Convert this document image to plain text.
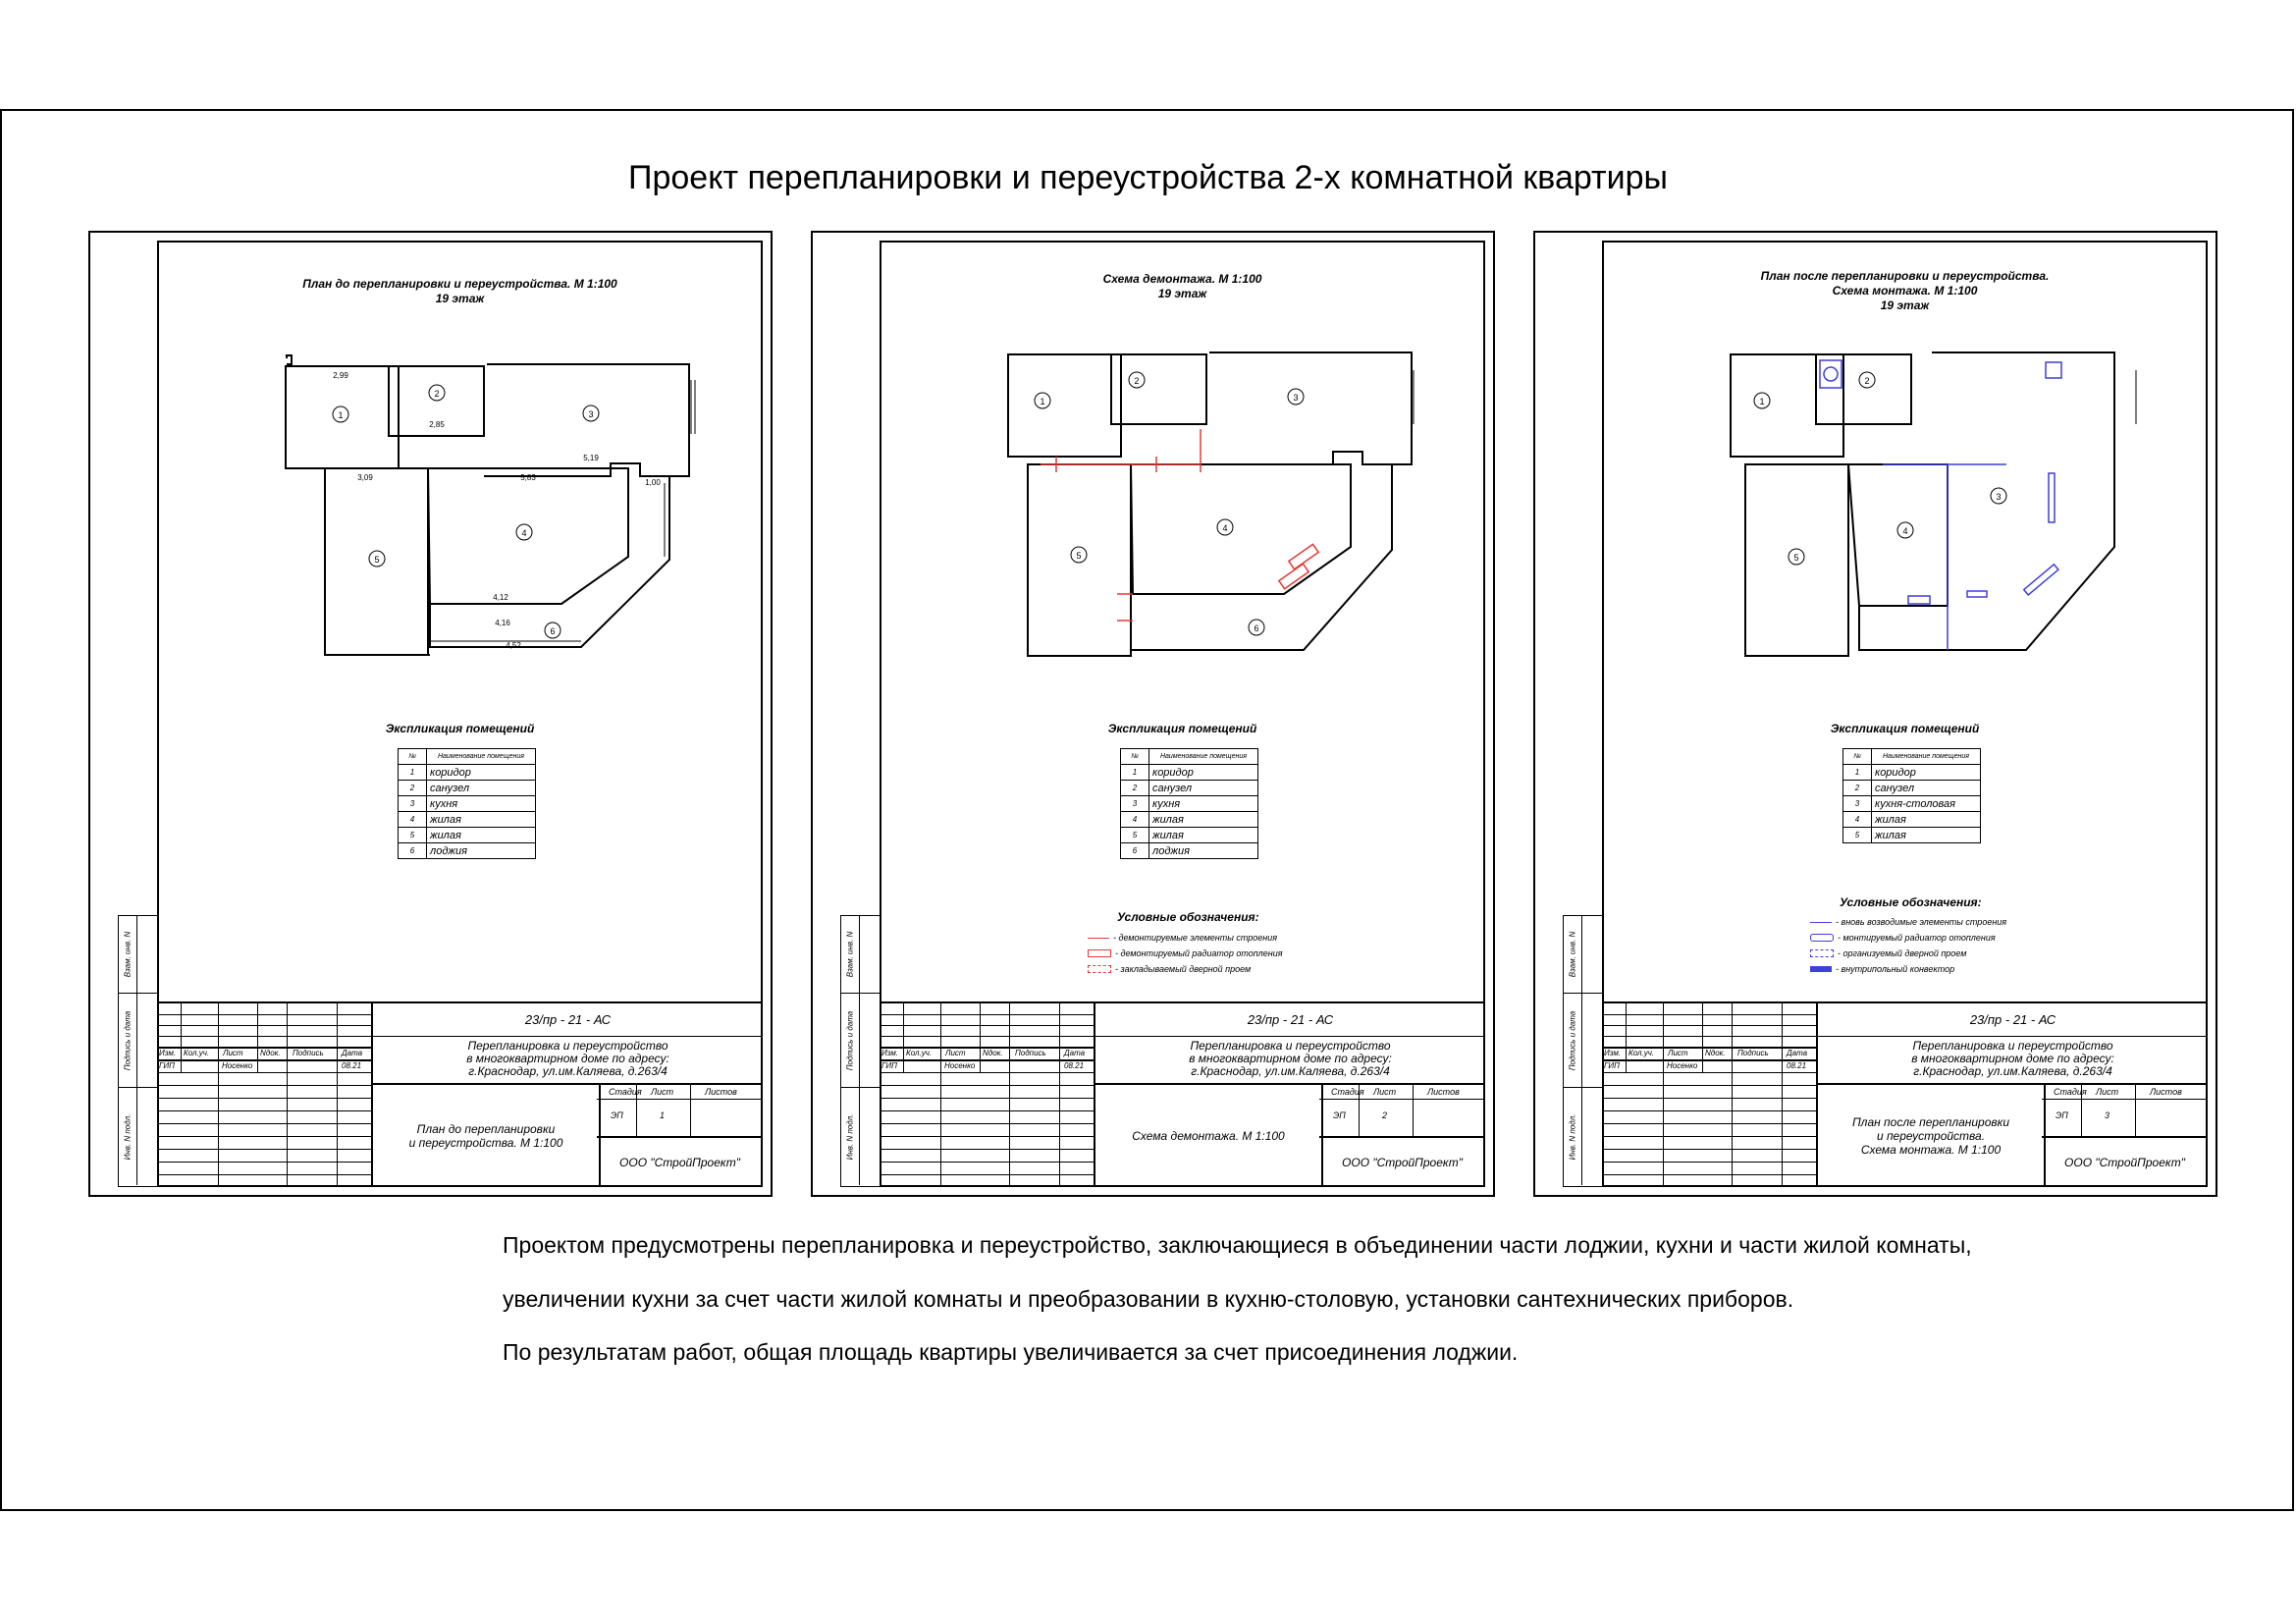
Проект перепланировки и переустройства 2-х комнатной квартиры
Проектом предусмотрены перепланировка и переустройство, заключающиеся в объединении части лоджии, кухни и части жилой комнаты,
увеличении кухни за счет части жилой комнаты и преобразовании в кухню-столовую, установки сантехнических приборов.
По результатам работ, общая площадь квартиры увеличивается за счет присоединения лоджии.
План до перепланировки и переустройства. М 1:100
19 этаж
1
2
3
4
5
6
2,99
2,85
5,19
3,09	5,83
1,00
4,12
4,16
4,52
Экспликация помещений
№	Наименование помещения
1	коридор
2	санузел
3	кухня
4	жилая
5	жилая
6	лоджия
Взам. инв. N
Подпись и дата
Инв. N подл.
Изм. Кол.уч. Лист Nдок. Подпись Дата
ГИП	Носенко	08.21
23/пр - 21 - АС
Перепланировка и переустройство
в многоквартирном доме по адресу:
г.Краснодар, ул.им.Каляева, д.263/4
План до перепланировки
и переустройства. М 1:100
Стадия Лист	Листов
ЭП	1
ООО "СтройПроект"
Схема демонтажа. М 1:100
19 этаж
1
2
3
4
5
6
Экспликация помещений
№	Наименование помещения
1	коридор
2	санузел
3	кухня
4	жилая
5	жилая
6	лоджия
Условные обозначения:
- демонтируемые элементы строения
- демонтируемый радиатор отопления
- закладываемый дверной проем
Взам. инв. N
Подпись и дата
Инв. N подл.
Изм. Кол.уч. Лист Nдок. Подпись Дата
ГИП	Носенко	08.21
23/пр - 21 - АС
Перепланировка и переустройство
в многоквартирном доме по адресу:
г.Краснодар, ул.им.Каляева, д.263/4
Схема демонтажа. М 1:100
Стадия Лист	Листов
ЭП	2
ООО "СтройПроект"
План после перепланировки и переустройства.
Схема монтажа. М 1:100
19 этаж
1
2
3
4
5
Экспликация помещений
№	Наименование помещения
1	коридор
2	санузел
3	кухня-столовая
4	жилая
5	жилая
Условные обозначения:
- вновь возводимые элементы строения
- монтируемый радиатор отопления
- организуемый дверной проем
- внутрипольный конвектор
Взам. инв. N
Подпись и дата
Инв. N подл.
Изм. Кол.уч. Лист Nдок. Подпись Дата
ГИП	Носенко	08.21
23/пр - 21 - АС
Перепланировка и переустройство
в многоквартирном доме по адресу:
г.Краснодар, ул.им.Каляева, д.263/4
План после перепланировки
и переустройства.
Схема монтажа. М 1:100
Стадия Лист	Листов
ЭП	3
ООО "СтройПроект"
